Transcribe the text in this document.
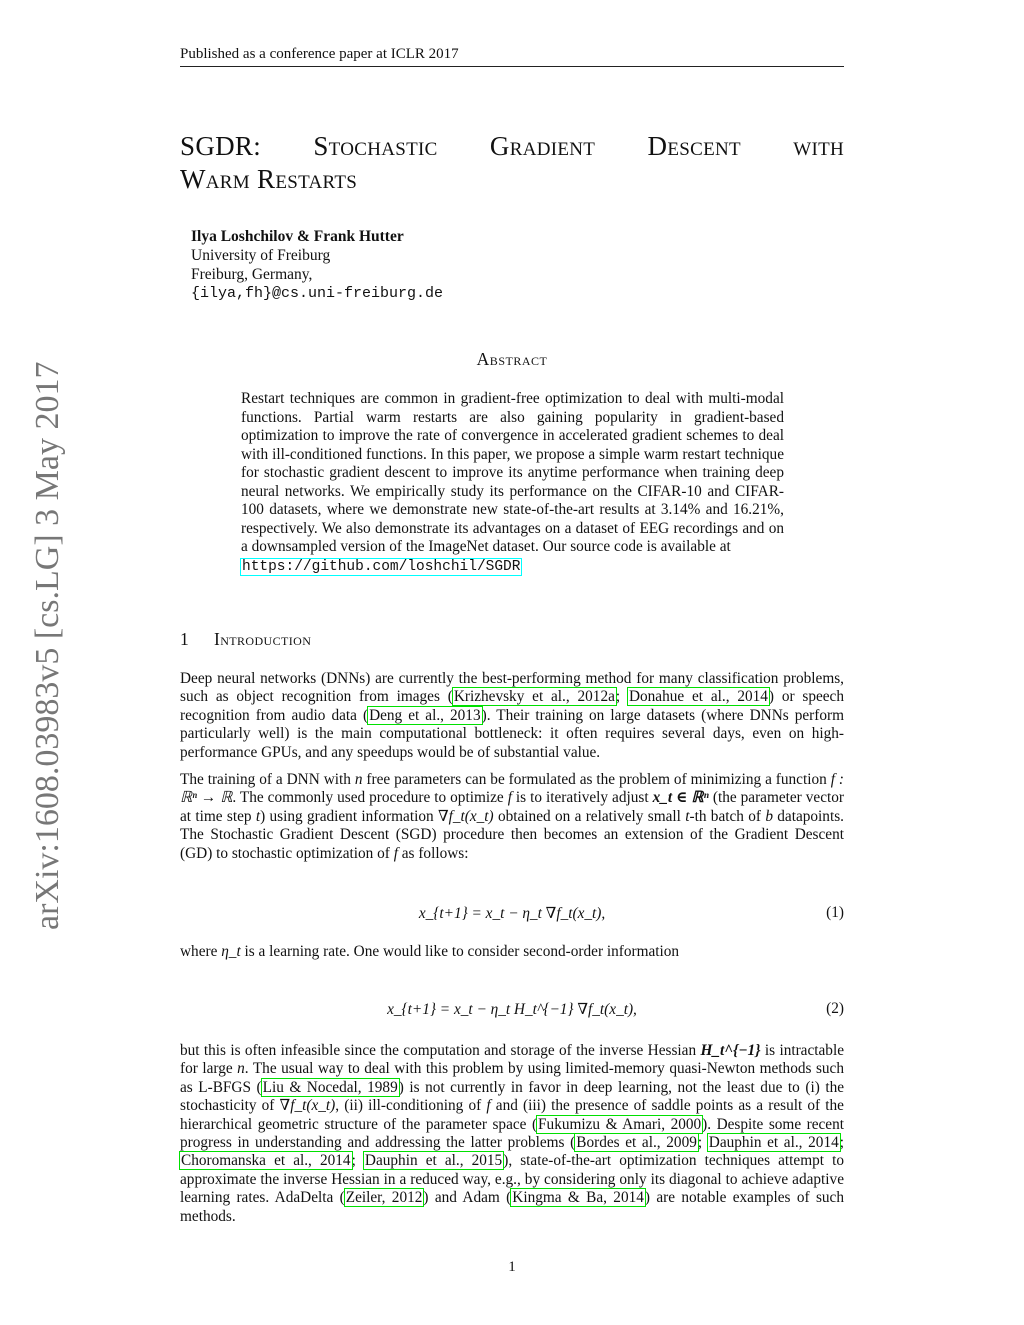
Published as a conference paper at ICLR 2017
arXiv:1608.03983v5 [cs.LG] 3 May 2017
SGDR: Stochastic Gradient Descent with
Warm Restarts
Ilya Loshchilov & Frank Hutter
University of Freiburg
Freiburg, Germany,
{ilya,fh}@cs.uni-freiburg.de
Abstract
Restart techniques are common in gradient-free optimization to deal with multi-modal functions. Partial warm restarts are also gaining popularity in gradient-based optimization to improve the rate of convergence in accelerated gradient schemes to deal with ill-conditioned functions. In this paper, we propose a simple warm restart technique for stochastic gradient descent to improve its anytime performance when training deep neural networks. We empirically study its performance on the CIFAR-10 and CIFAR-100 datasets, where we demonstrate new state-of-the-art results at 3.14% and 16.21%, respectively. We also demonstrate its advantages on a dataset of EEG recordings and on a downsampled version of the ImageNet dataset. Our source code is available at
https://github.com/loshchil/SGDR
1 Introduction

Deep neural networks (DNNs) are currently the best-performing method for many classification problems, such as object recognition from images (Krizhevsky et al., 2012a; Donahue et al., 2014) or speech recognition from audio data (Deng et al., 2013). Their training on large datasets (where DNNs perform particularly well) is the main computational bottleneck: it often requires several days, even on high-performance GPUs, and any speedups would be of substantial value.

The training of a DNN with n free parameters can be formulated as the problem of minimizing a function f : ℝⁿ → ℝ. The commonly used procedure to optimize f is to iteratively adjust x_t ∈ ℝⁿ (the parameter vector at time step t) using gradient information ∇f_t(x_t) obtained on a relatively small t-th batch of b datapoints. The Stochastic Gradient Descent (SGD) procedure then becomes an extension of the Gradient Descent (GD) to stochastic optimization of f as follows:

x_{t+1} = x_t − η_t ∇f_t(x_t),	(1)

where η_t is a learning rate. One would like to consider second-order information

x_{t+1} = x_t − η_t H_t^{−1} ∇f_t(x_t),	(2)

but this is often infeasible since the computation and storage of the inverse Hessian H_t^{−1} is intractable for large n. The usual way to deal with this problem by using limited-memory quasi-Newton methods such as L-BFGS (Liu & Nocedal, 1989) is not currently in favor in deep learning, not the least due to (i) the stochasticity of ∇f_t(x_t), (ii) ill-conditioning of f and (iii) the presence of saddle points as a result of the hierarchical geometric structure of the parameter space (Fukumizu & Amari, 2000). Despite some recent progress in understanding and addressing the latter problems (Bordes et al., 2009; Dauphin et al., 2014; Choromanska et al., 2014; Dauphin et al., 2015), state-of-the-art optimization techniques attempt to approximate the inverse Hessian in a reduced way, e.g., by considering only its diagonal to achieve adaptive learning rates. AdaDelta (Zeiler, 2012) and Adam (Kingma & Ba, 2014) are notable examples of such methods.

1
